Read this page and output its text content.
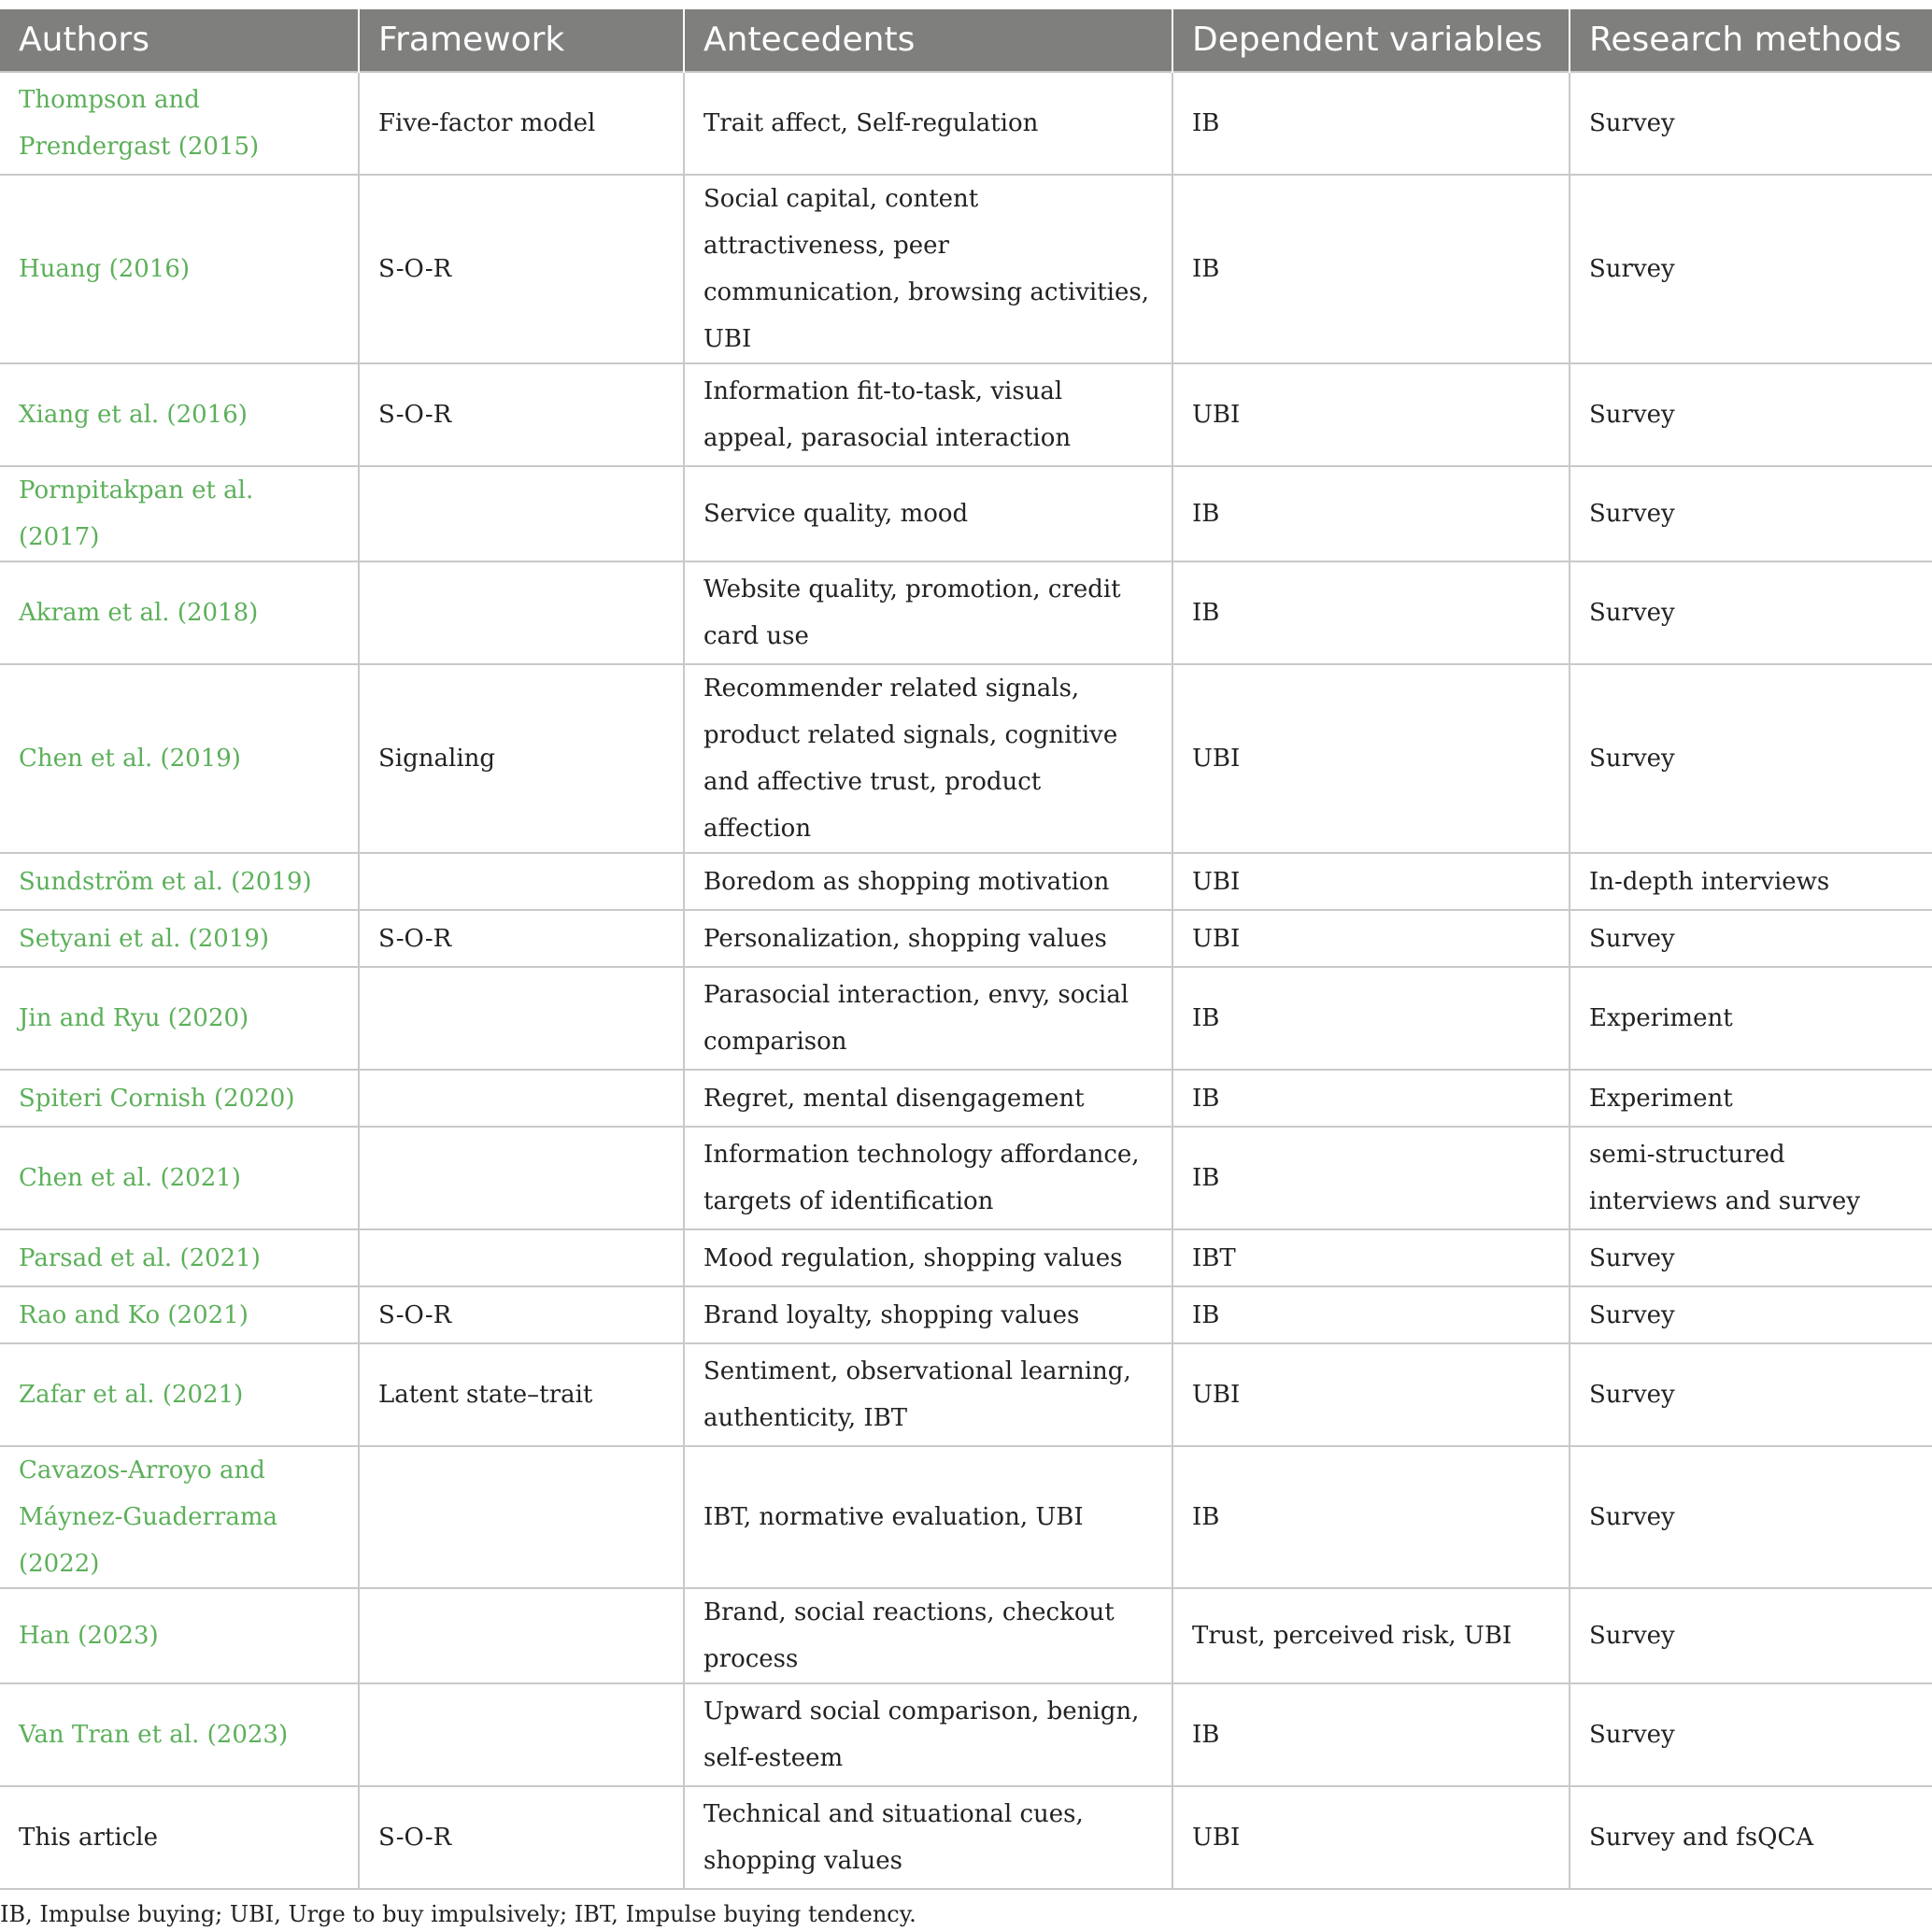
Authors	Framework	Antecedents	Dependent variables	Research methods
Thompson and Prendergast (2015)	Five-factor model	Trait affect, Self-regulation	IB	Survey
Huang (2016)	S-O-R	Social capital, content attractiveness, peer communication, browsing activities, UBI	IB	Survey
Xiang et al. (2016)	S-O-R	Information fit-to-task, visual appeal, parasocial interaction	UBI	Survey
Pornpitakpan et al. (2017)		Service quality, mood	IB	Survey
Akram et al. (2018)		Website quality, promotion, credit card use	IB	Survey
Chen et al. (2019)	Signaling	Recommender related signals, product related signals, cognitive and affective trust, product affection	UBI	Survey
Sundström et al. (2019)		Boredom as shopping motivation	UBI	In-depth interviews
Setyani et al. (2019)	S-O-R	Personalization, shopping values	UBI	Survey
Jin and Ryu (2020)		Parasocial interaction, envy, social comparison	IB	Experiment
Spiteri Cornish (2020)		Regret, mental disengagement	IB	Experiment
Chen et al. (2021)		Information technology affordance, targets of identification	IB	semi-structured interviews and survey
Parsad et al. (2021)		Mood regulation, shopping values	IBT	Survey
Rao and Ko (2021)	S-O-R	Brand loyalty, shopping values	IB	Survey
Zafar et al. (2021)	Latent state–trait	Sentiment, observational learning, authenticity, IBT	UBI	Survey
Cavazos-Arroyo and Máynez-Guaderrama (2022)		IBT, normative evaluation, UBI	IB	Survey
Han (2023)		Brand, social reactions, checkout process	Trust, perceived risk, UBI	Survey
Van Tran et al. (2023)		Upward social comparison, benign, self-esteem	IB	Survey
This article	S-O-R	Technical and situational cues, shopping values	UBI	Survey and fsQCA
IB, Impulse buying; UBI, Urge to buy impulsively; IBT, Impulse buying tendency.
